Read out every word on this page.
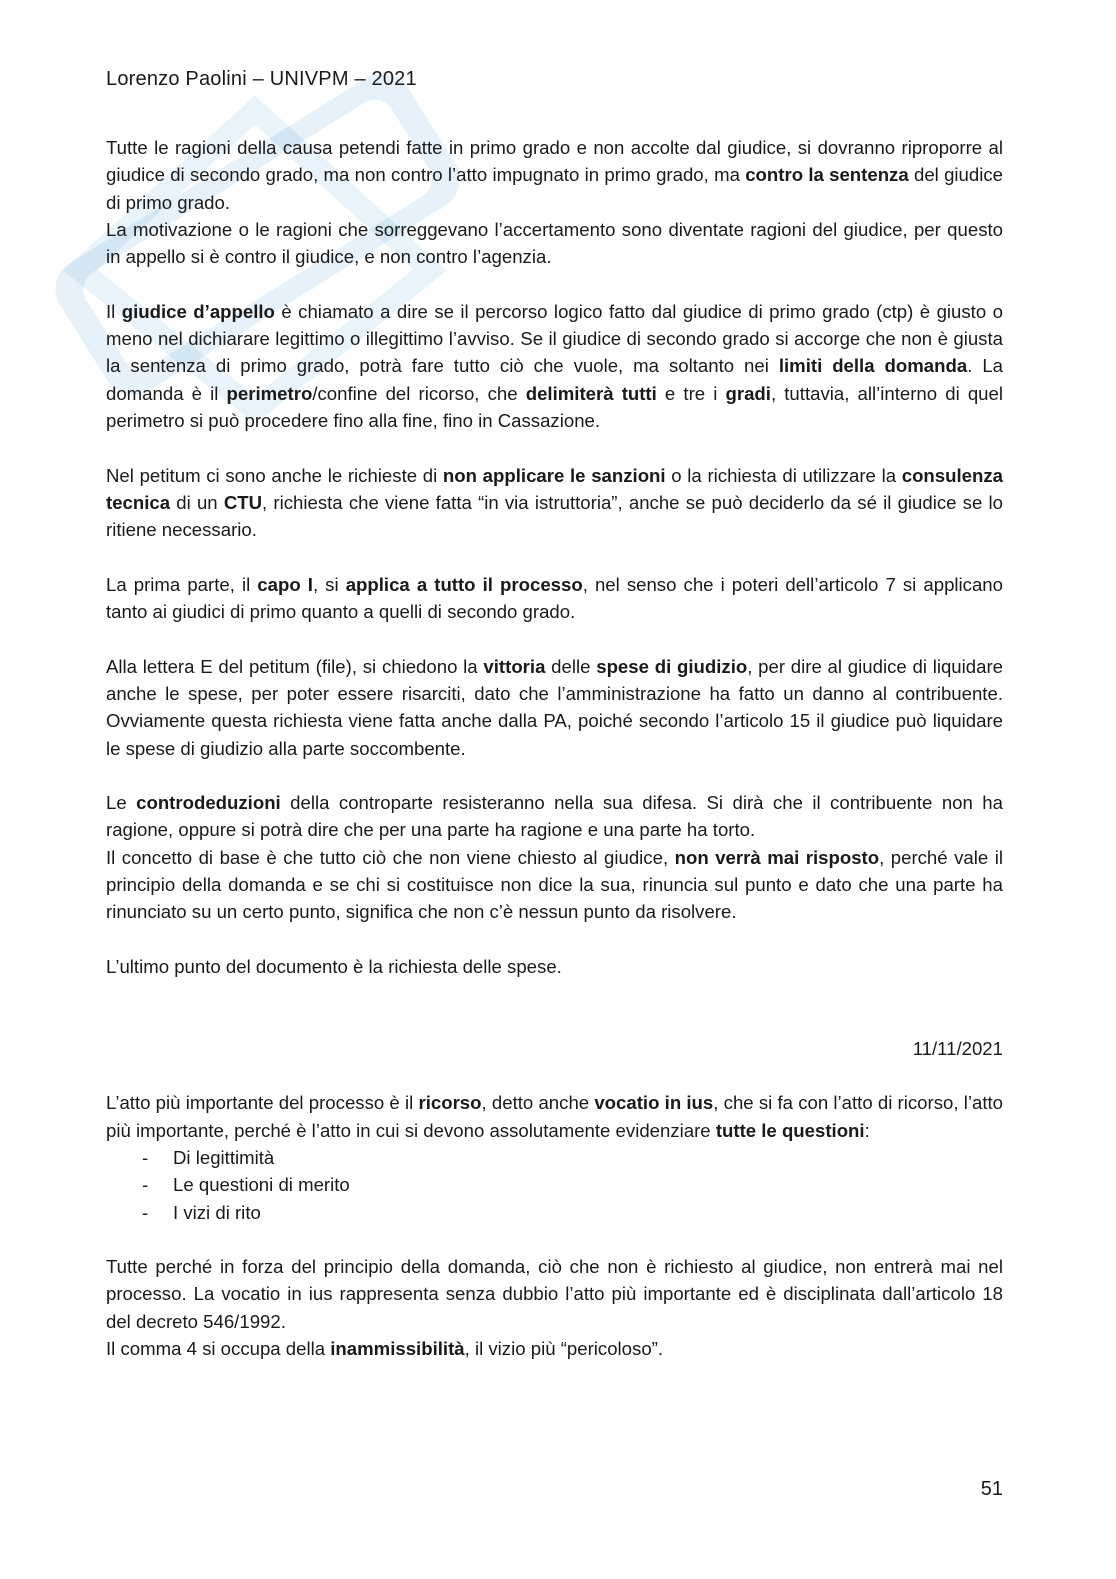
Lorenzo Paolini – UNIVPM – 2021

Tutte le ragioni della causa petendi fatte in primo grado e non accolte dal giudice, si dovranno riproporre al giudice di secondo grado, ma non contro l’atto impugnato in primo grado, ma contro la sentenza del giudice di primo grado.

La motivazione o le ragioni che sorreggevano l’accertamento sono diventate ragioni del giudice, per questo in appello si è contro il giudice, e non contro l’agenzia.

Il giudice d’appello è chiamato a dire se il percorso logico fatto dal giudice di primo grado (ctp) è giusto o meno nel dichiarare legittimo o illegittimo l’avviso. Se il giudice di secondo grado si accorge che non è giusta la sentenza di primo grado, potrà fare tutto ciò che vuole, ma soltanto nei limiti della domanda. La domanda è il perimetro/confine del ricorso, che delimiterà tutti e tre i gradi, tuttavia, all’interno di quel perimetro si può procedere fino alla fine, fino in Cassazione.

Nel petitum ci sono anche le richieste di non applicare le sanzioni o la richiesta di utilizzare la consulenza tecnica di un CTU, richiesta che viene fatta “in via istruttoria”, anche se può deciderlo da sé il giudice se lo ritiene necessario.

La prima parte, il capo I, si applica a tutto il processo, nel senso che i poteri dell’articolo 7 si applicano tanto ai giudici di primo quanto a quelli di secondo grado.

Alla lettera E del petitum (file), si chiedono la vittoria delle spese di giudizio, per dire al giudice di liquidare anche le spese, per poter essere risarciti, dato che l’amministrazione ha fatto un danno al contribuente. Ovviamente questa richiesta viene fatta anche dalla PA, poiché secondo l’articolo 15 il giudice può liquidare le spese di giudizio alla parte soccombente.

Le controdeduzioni della controparte resisteranno nella sua difesa. Si dirà che il contribuente non ha ragione, oppure si potrà dire che per una parte ha ragione e una parte ha torto.

Il concetto di base è che tutto ciò che non viene chiesto al giudice, non verrà mai risposto, perché vale il principio della domanda e se chi si costituisce non dice la sua, rinuncia sul punto e dato che una parte ha rinunciato su un certo punto, significa che non c’è nessun punto da risolvere.

L’ultimo punto del documento è la richiesta delle spese.

11/11/2021

L’atto più importante del processo è il ricorso, detto anche vocatio in ius, che si fa con l’atto di ricorso, l’atto più importante, perché è l’atto in cui si devono assolutamente evidenziare tutte le questioni:

- Di legittimità
- Le questioni di merito
- I vizi di rito

Tutte perché in forza del principio della domanda, ciò che non è richiesto al giudice, non entrerà mai nel processo. La vocatio in ius rappresenta senza dubbio l’atto più importante ed è disciplinata dall’articolo 18 del decreto 546/1992.

Il comma 4 si occupa della inammissibilità, il vizio più “pericoloso”.

51
